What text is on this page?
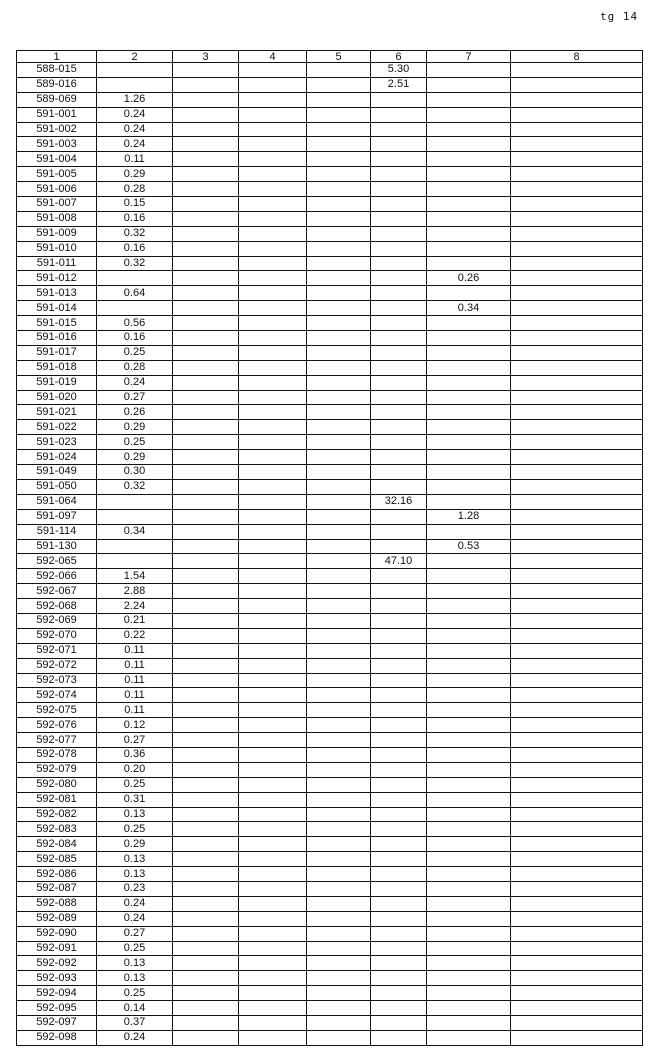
tg 14
1	2	3	4	5	6	7	8
588-015					5.30		
589-016					2.51		
589-069	1.26						
591-001	0.24						
591-002	0.24						
591-003	0.24						
591-004	0.11						
591-005	0.29						
591-006	0.28						
591-007	0.15						
591-008	0.16						
591-009	0.32						
591-010	0.16						
591-011	0.32						
591-012						0.26	
591-013	0.64						
591-014						0.34	
591-015	0.56						
591-016	0.16						
591-017	0.25						
591-018	0.28						
591-019	0.24						
591-020	0.27						
591-021	0.26						
591-022	0.29						
591-023	0.25						
591-024	0.29						
591-049	0.30						
591-050	0.32						
591-064					32.16		
591-097						1.28	
591-114	0.34						
591-130						0.53	
592-065					47.10		
592-066	1.54						
592-067	2.88						
592-068	2.24						
592-069	0.21						
592-070	0.22						
592-071	0.11						
592-072	0.11						
592-073	0.11						
592-074	0.11						
592-075	0.11						
592-076	0.12						
592-077	0.27						
592-078	0.36						
592-079	0.20						
592-080	0.25						
592-081	0.31						
592-082	0.13						
592-083	0.25						
592-084	0.29						
592-085	0.13						
592-086	0.13						
592-087	0.23						
592-088	0.24						
592-089	0.24						
592-090	0.27						
592-091	0.25						
592-092	0.13						
592-093	0.13						
592-094	0.25						
592-095	0.14						
592-097	0.37						
592-098	0.24						
